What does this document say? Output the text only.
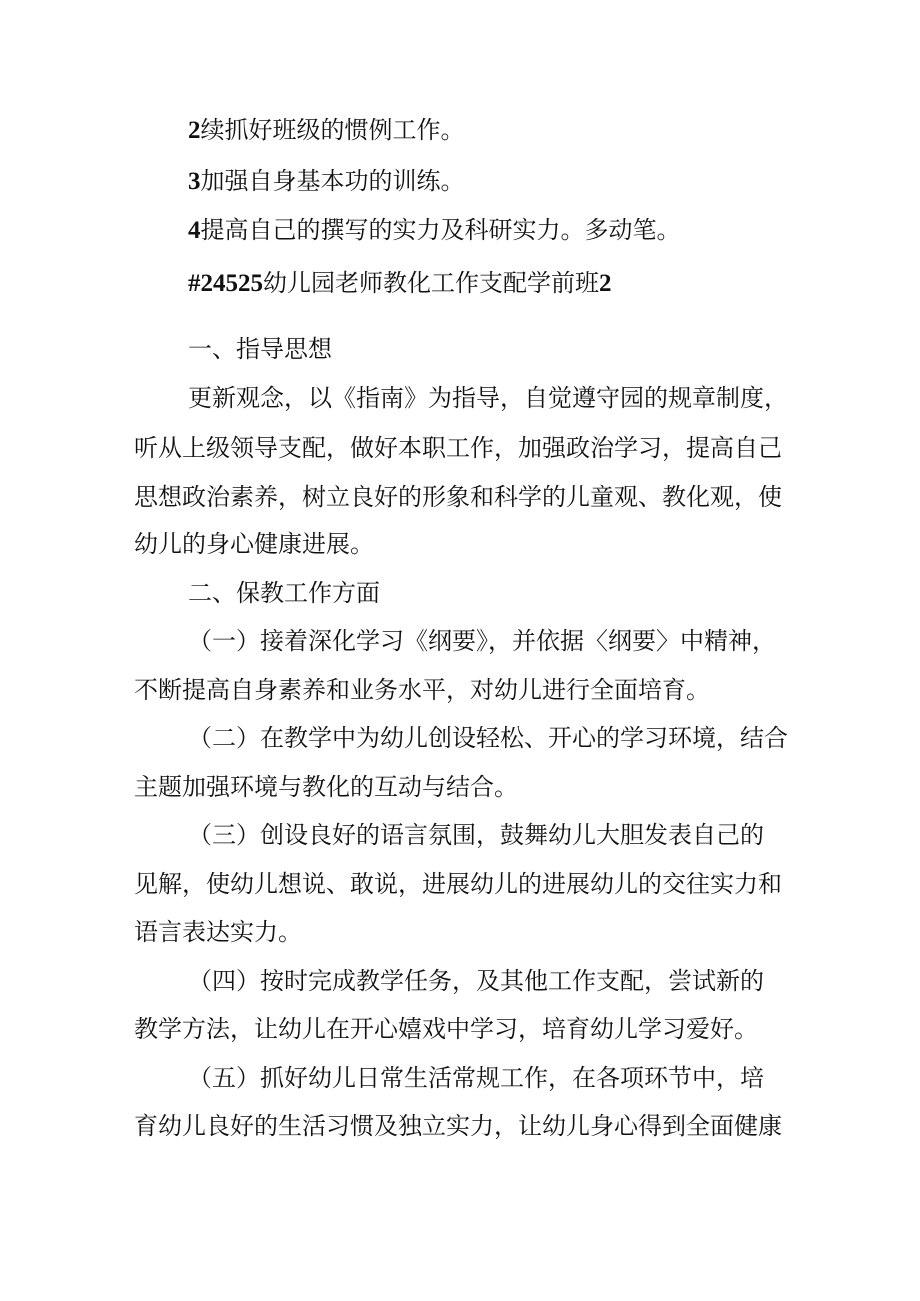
2续抓好班级的惯例工作。
3加强自身基本功的训练。
4提高自己的撰写的实力及科研实力。多动笔。
#24525幼儿园老师教化工作支配学前班2
一、指导思想
更新观念，以《指南》为指导，自觉遵守园的规章制度，
听从上级领导支配，做好本职工作，加强政治学习，提高自己
思想政治素养，树立良好的形象和科学的儿童观、教化观，使
幼儿的身心健康进展。
二、保教工作方面
（一）接着深化学习《纲要》，并依据〈纲要〉中精神，
不断提高自身素养和业务水平，对幼儿进行全面培育。
（二）在教学中为幼儿创设轻松、开心的学习环境，结合
主题加强环境与教化的互动与结合。
（三）创设良好的语言氛围，鼓舞幼儿大胆发表自己的
见解，使幼儿想说、敢说，进展幼儿的进展幼儿的交往实力和
语言表达实力。
（四）按时完成教学任务，及其他工作支配，尝试新的
教学方法，让幼儿在开心嬉戏中学习，培育幼儿学习爱好。
（五）抓好幼儿日常生活常规工作，在各项环节中，培
育幼儿良好的生活习惯及独立实力，让幼儿身心得到全面健康
